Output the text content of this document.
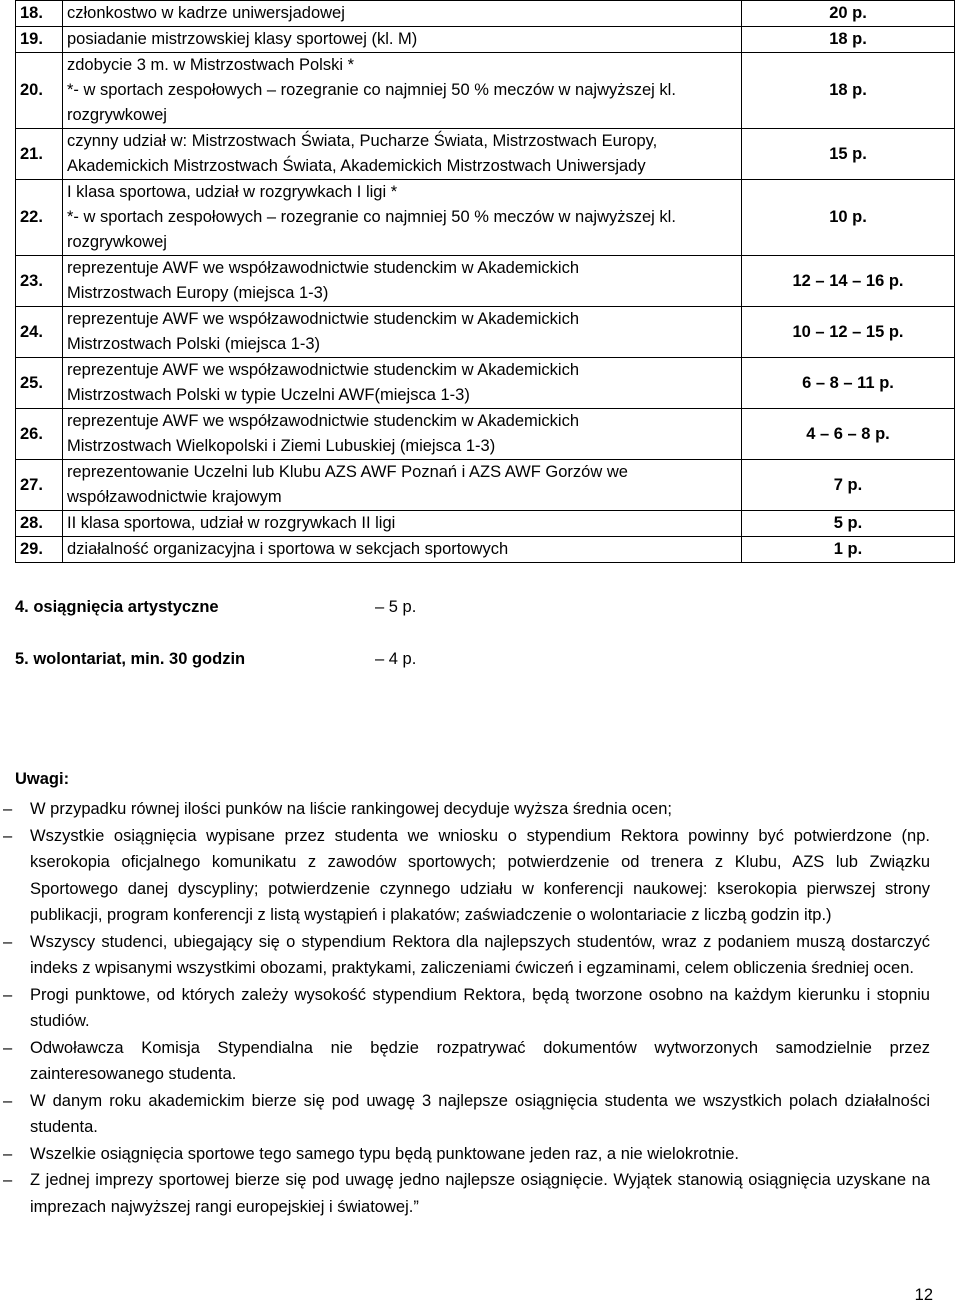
18.	członkostwo w kadrze uniwersjadowej	20 p.
19.	posiadanie mistrzowskiej klasy sportowej (kl. M)	18 p.
20.	zdobycie 3 m. w Mistrzostwach Polski *
*- w sportach zespołowych – rozegranie co najmniej 50 % meczów w najwyższej kl.
rozgrywkowej	18 p.
21.	czynny udział w: Mistrzostwach Świata, Pucharze Świata, Mistrzostwach Europy,
Akademickich Mistrzostwach Świata, Akademickich Mistrzostwach Uniwersjady	15 p.
22.	I klasa sportowa, udział w rozgrywkach I ligi *
*- w sportach zespołowych – rozegranie co najmniej 50 % meczów w najwyższej kl.
rozgrywkowej	10 p.
23.	reprezentuje AWF we współzawodnictwie studenckim w Akademickich
Mistrzostwach Europy (miejsca 1-3)	12 – 14 – 16 p.
24.	reprezentuje AWF we współzawodnictwie studenckim w Akademickich
Mistrzostwach Polski (miejsca 1-3)	10 – 12 – 15 p.
25.	reprezentuje AWF we współzawodnictwie studenckim w Akademickich
Mistrzostwach Polski w typie Uczelni AWF(miejsca 1-3)	6 – 8 – 11 p.
26.	reprezentuje AWF we współzawodnictwie studenckim w Akademickich
Mistrzostwach Wielkopolski i Ziemi Lubuskiej (miejsca 1-3)	4 – 6 – 8 p.
27.	reprezentowanie Uczelni lub Klubu AZS AWF Poznań i AZS AWF Gorzów we
współzawodnictwie krajowym	7 p.
28.	II klasa sportowa, udział w rozgrywkach II ligi	5 p.
29.	działalność organizacyjna i sportowa w sekcjach sportowych	1 p.
4. osiągnięcia artystyczne	– 5 p.
5. wolontariat, min. 30 godzin	– 4 p.
Uwagi:
–	W przypadku równej ilości punków na liście rankingowej decyduje wyższa średnia ocen;
–	Wszystkie osiągnięcia wypisane przez studenta we wniosku o stypendium Rektora powinny być potwierdzone (np. kserokopia oficjalnego komunikatu z zawodów sportowych; potwierdzenie od trenera z Klubu, AZS lub Związku Sportowego danej dyscypliny; potwierdzenie czynnego udziału w konferencji naukowej: kserokopia pierwszej strony publikacji, program konferencji z listą wystąpień i plakatów; zaświadczenie o wolontariacie z liczbą godzin itp.)
–	Wszyscy studenci, ubiegający się o stypendium Rektora dla najlepszych studentów, wraz z podaniem muszą dostarczyć indeks z wpisanymi wszystkimi obozami, praktykami, zaliczeniami ćwiczeń i egzaminami, celem obliczenia średniej ocen.
–	Progi punktowe, od których zależy wysokość stypendium Rektora, będą tworzone osobno na każdym kierunku i stopniu studiów.
–	Odwoławcza Komisja Stypendialna nie będzie rozpatrywać dokumentów wytworzonych samodzielnie przez zainteresowanego studenta.
–	W danym roku akademickim bierze się pod uwagę 3 najlepsze osiągnięcia studenta we wszystkich polach działalności studenta.
–	Wszelkie osiągnięcia sportowe tego samego typu będą punktowane jeden raz, a nie wielokrotnie.
–	Z jednej imprezy sportowej bierze się pod uwagę jedno najlepsze osiągnięcie. Wyjątek stanowią osiągnięcia uzyskane na imprezach najwyższej rangi europejskiej i światowej.”
12
